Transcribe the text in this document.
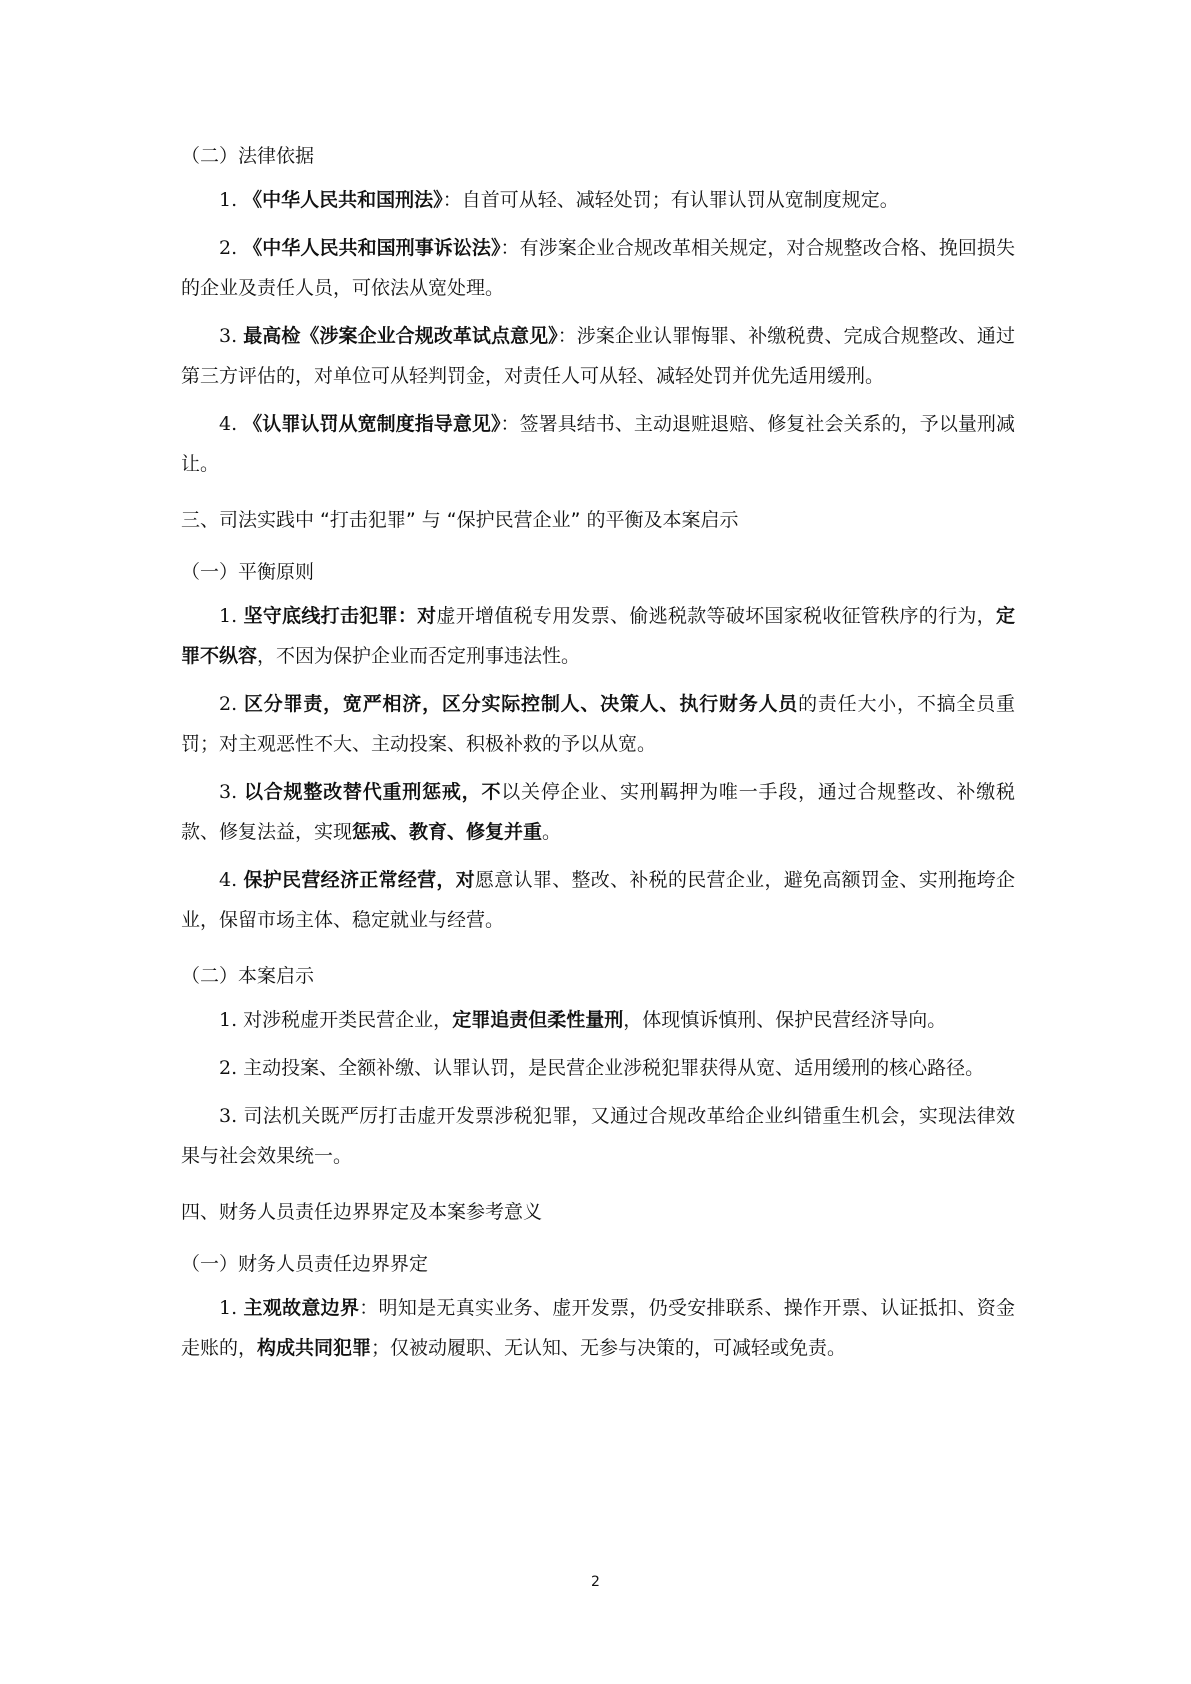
（二）法律依据

1. 《中华人民共和国刑法》：自首可从轻、减轻处罚；有认罪认罚从宽制度规定。

2. 《中华人民共和国刑事诉讼法》：有涉案企业合规改革相关规定，对合规整改合格、挽回损失的企业及责任人员，可依法从宽处理。

3. 最高检《涉案企业合规改革试点意见》：涉案企业认罪悔罪、补缴税费、完成合规整改、通过第三方评估的，对单位可从轻判罚金，对责任人可从轻、减轻处罚并优先适用缓刑。

4. 《认罪认罚从宽制度指导意见》：签署具结书、主动退赃退赔、修复社会关系的，予以量刑减让。

三、司法实践中 “打击犯罪” 与 “保护民营企业” 的平衡及本案启示
（一）平衡原则

1. 坚守底线打击犯罪：对虚开增值税专用发票、偷逃税款等破坏国家税收征管秩序的行为，定罪不纵容，不因为保护企业而否定刑事违法性。

2. 区分罪责，宽严相济，区分实际控制人、决策人、执行财务人员的责任大小，不搞全员重罚；对主观恶性不大、主动投案、积极补救的予以从宽。

3. 以合规整改替代重刑惩戒，不以关停企业、实刑羁押为唯一手段，通过合规整改、补缴税款、修复法益，实现惩戒、教育、修复并重。

4. 保护民营经济正常经营，对愿意认罪、整改、补税的民营企业，避免高额罚金、实刑拖垮企业，保留市场主体、稳定就业与经营。

（二）本案启示

1. 对涉税虚开类民营企业，定罪追责但柔性量刑，体现慎诉慎刑、保护民营经济导向。

2. 主动投案、全额补缴、认罪认罚，是民营企业涉税犯罪获得从宽、适用缓刑的核心路径。

3. 司法机关既严厉打击虚开发票涉税犯罪，又通过合规改革给企业纠错重生机会，实现法律效果与社会效果统一。

四、财务人员责任边界界定及本案参考意义
（一）财务人员责任边界界定

1. 主观故意边界：明知是无真实业务、虚开发票，仍受安排联系、操作开票、认证抵扣、资金走账的，构成共同犯罪；仅被动履职、无认知、无参与决策的，可减轻或免责。

2
